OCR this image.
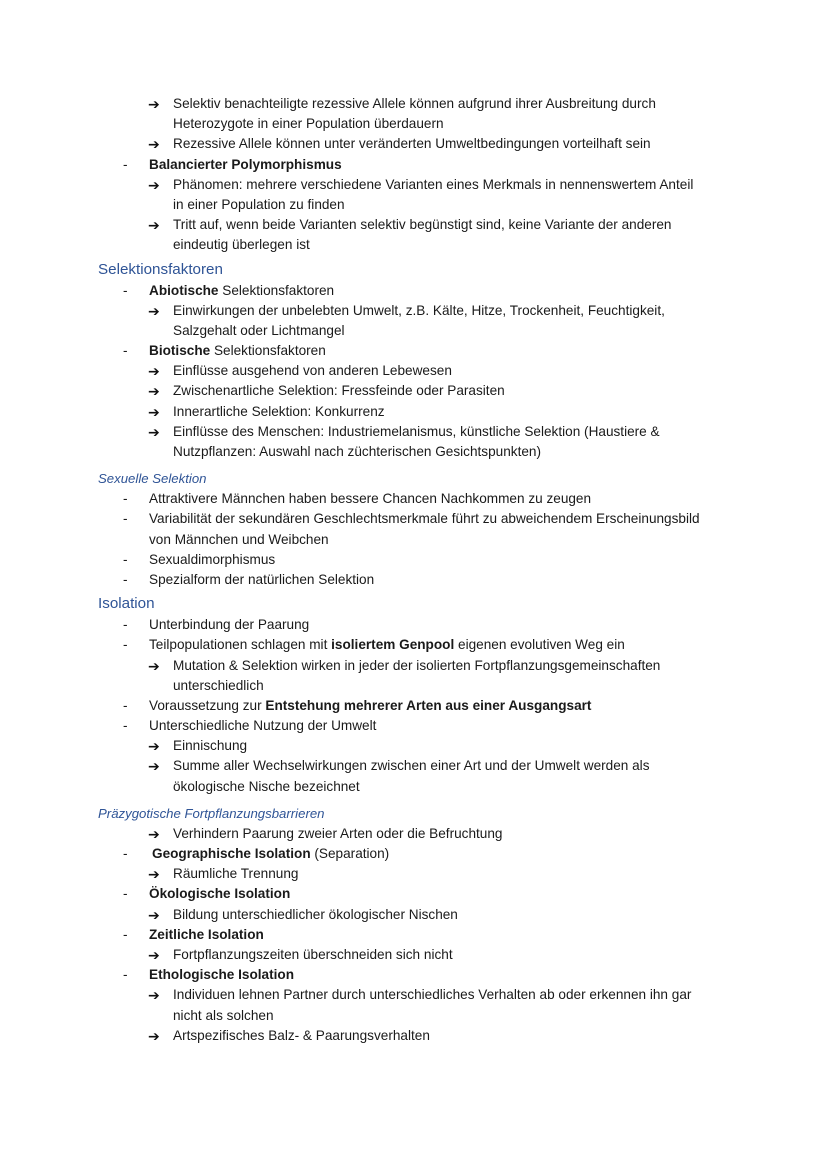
➔ Selektiv benachteiligte rezessive Allele können aufgrund ihrer Ausbreitung durch
Heterozygote in einer Population überdauern
➔ Rezessive Allele können unter veränderten Umweltbedingungen vorteilhaft sein
-	Balancierter Polymorphismus
➔ Phänomen: mehrere verschiedene Varianten eines Merkmals in nennenswertem Anteil
in einer Population zu finden
➔ Tritt auf, wenn beide Varianten selektiv begünstigt sind, keine Variante der anderen
eindeutig überlegen ist
Selektionsfaktoren
-	Abiotische Selektionsfaktoren
➔ Einwirkungen der unbelebten Umwelt, z.B. Kälte, Hitze, Trockenheit, Feuchtigkeit,
Salzgehalt oder Lichtmangel
-	Biotische Selektionsfaktoren
➔ Einflüsse ausgehend von anderen Lebewesen
➔ Zwischenartliche Selektion: Fressfeinde oder Parasiten
➔ Innerartliche Selektion: Konkurrenz
➔ Einflüsse des Menschen: Industriemelanismus, künstliche Selektion (Haustiere &
Nutzpflanzen: Auswahl nach züchterischen Gesichtspunkten)
Sexuelle Selektion
-	Attraktivere Männchen haben bessere Chancen Nachkommen zu zeugen
-	Variabilität der sekundären Geschlechtsmerkmale führt zu abweichendem Erscheinungsbild
von Männchen und Weibchen
-	Sexualdimorphismus
-	Spezialform der natürlichen Selektion
Isolation
-	Unterbindung der Paarung
-	Teilpopulationen schlagen mit isoliertem Genpool eigenen evolutiven Weg ein
➔ Mutation & Selektion wirken in jeder der isolierten Fortpflanzungsgemeinschaften
unterschiedlich
-	Voraussetzung zur Entstehung mehrerer Arten aus einer Ausgangsart
-	Unterschiedliche Nutzung der Umwelt
➔ Einnischung
➔ Summe aller Wechselwirkungen zwischen einer Art und der Umwelt werden als
ökologische Nische bezeichnet
Präzygotische Fortpflanzungsbarrieren
➔ Verhindern Paarung zweier Arten oder die Befruchtung
-	Geographische Isolation (Separation)
➔ Räumliche Trennung
-	Ökologische Isolation
➔ Bildung unterschiedlicher ökologischer Nischen
-	Zeitliche Isolation
➔ Fortpflanzungszeiten überschneiden sich nicht
-	Ethologische Isolation
➔ Individuen lehnen Partner durch unterschiedliches Verhalten ab oder erkennen ihn gar
nicht als solchen
➔ Artspezifisches Balz- & Paarungsverhalten
